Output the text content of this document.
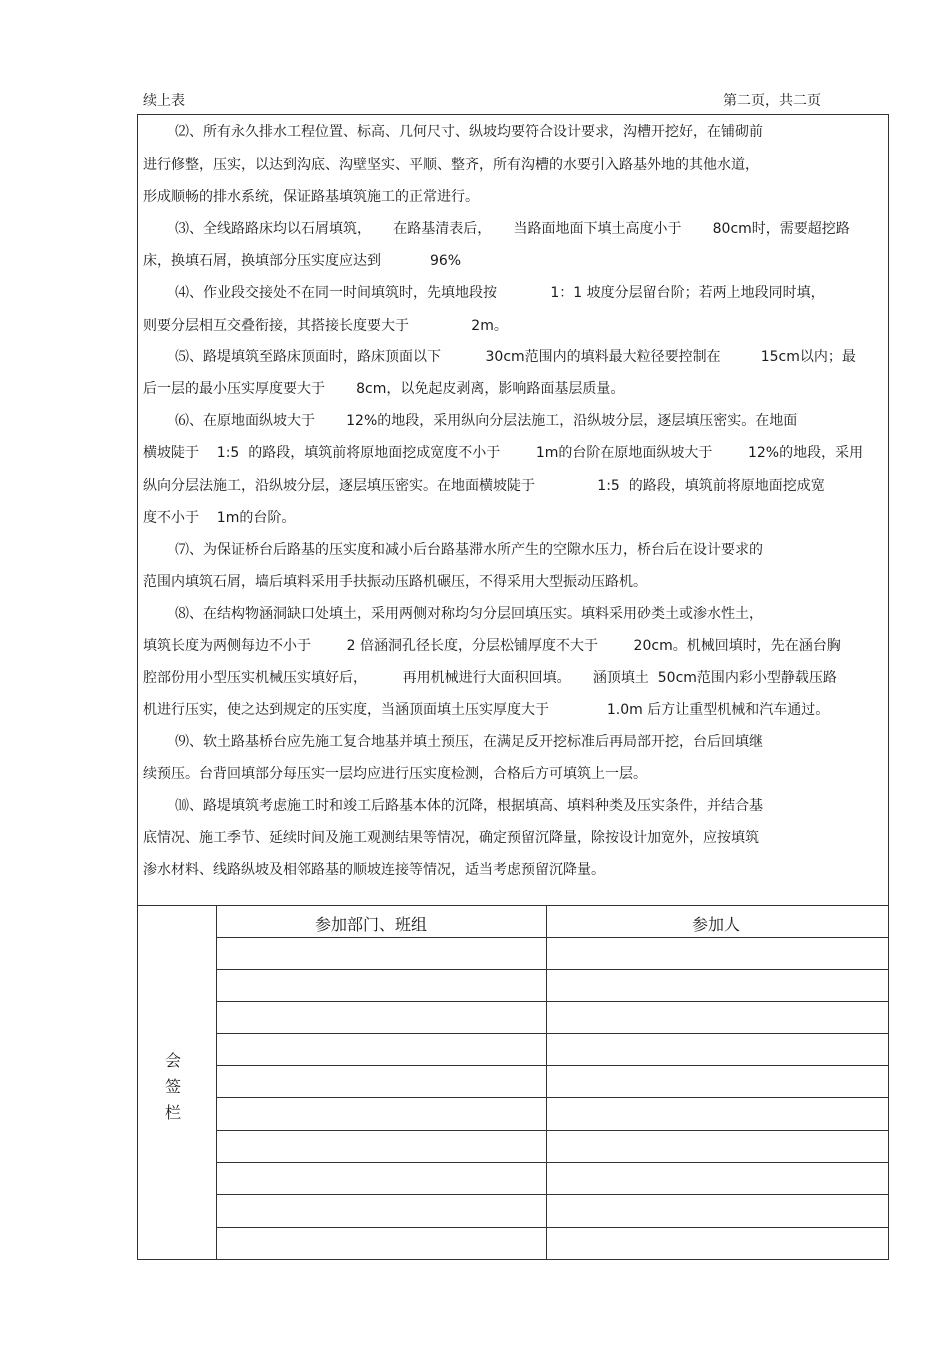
续上表	第二页，共二页
⑵、所有永久排水工程位置、标高、几何尺寸、纵坡均要符合设计要求，沟槽开挖好，在铺砌前
进行修整，压实，以达到沟底、沟壁坚实、平顺、整齐，所有沟槽的水要引入路基外地的其他水道，
形成顺畅的排水系统，保证路基填筑施工的正常进行。
⑶、全线路路床均以石屑填筑，     在路基清表后，     当路面地面下填土高度小于       80cm时，需要超挖路
床，换填石屑，换填部分压实度应达到           96%
⑷、作业段交接处不在同一时间填筑时，先填地段按            1：1 坡度分层留台阶；若两上地段同时填，
则要分层相互交叠衔接，其搭接长度要大于              2m。
⑸、路堤填筑至路床顶面时，路床顶面以下          30cm范围内的填料最大粒径要控制在         15cm以内；最
后一层的最小压实厚度要大于       8cm，以免起皮剥离，影响路面基层质量。
⑹、在原地面纵坡大于       12%的地段，采用纵向分层法施工，沿纵坡分层，逐层填压密实。在地面
横坡陡于    1:5  的路段，填筑前将原地面挖成宽度不小于        1m的台阶在原地面纵坡大于        12%的地段，采用
纵向分层法施工，沿纵坡分层，逐层填压密实。在地面横坡陡于              1:5  的路段，填筑前将原地面挖成宽
度不小于    1m的台阶。
⑺、为保证桥台后路基的压实度和减小后台路基滞水所产生的空隙水压力，桥台后在设计要求的
范围内填筑石屑，墙后填料采用手扶振动压路机碾压，不得采用大型振动压路机。
⑻、在结构物涵洞缺口处填土，采用两侧对称均匀分层回填压实。填料采用砂类土或渗水性土，
填筑长度为两侧每边不小于        2 倍涵洞孔径长度，分层松铺厚度不大于        20cm。机械回填时，先在涵台胸
腔部份用小型压实机械压实填好后，        再用机械进行大面积回填。     涵顶填土  50cm范围内彩小型静载压路
机进行压实，使之达到规定的压实度，当涵顶面填土压实厚度大于             1.0m 后方让重型机械和汽车通过。
⑼、软土路基桥台应先施工复合地基并填土预压，在满足反开挖标准后再局部开挖，台后回填继
续预压。台背回填部分每压实一层均应进行压实度检测，合格后方可填筑上一层。
⑽、路堤填筑考虑施工时和竣工后路基本体的沉降，根据填高、填料种类及压实条件，并结合基
底情况、施工季节、延续时间及施工观测结果等情况，确定预留沉降量，除按设计加宽外，应按填筑
渗水材料、线路纵坡及相邻路基的顺坡连接等情况，适当考虑预留沉降量。
参加部门、班组	参加人
会
签
栏
